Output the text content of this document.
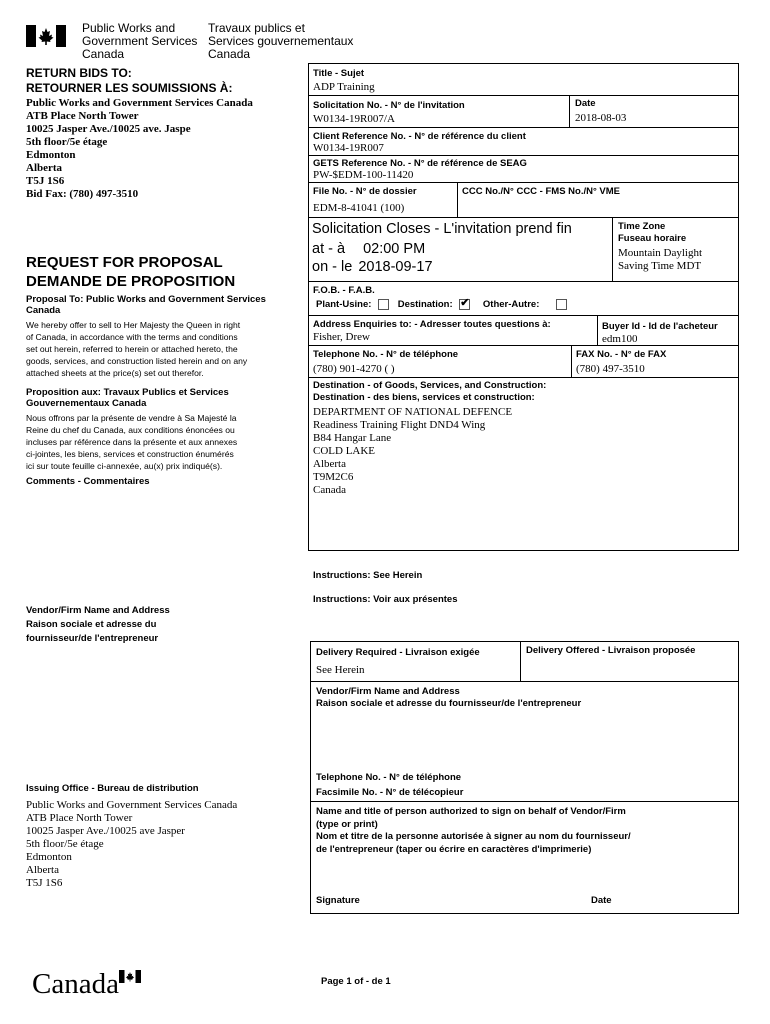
Public Works and
Government Services
Canada
Travaux publics et
Services gouvernementaux
Canada
RETURN BIDS TO:
RETOURNER LES SOUMISSIONS À:
Public Works and Government Services Canada
ATB Place North Tower
10025 Jasper Ave./10025 ave. Jaspe
5th floor/5e étage
Edmonton
Alberta
T5J 1S6
Bid Fax: (780) 497-3510
REQUEST FOR PROPOSAL
DEMANDE DE PROPOSITION
Proposal To: Public Works and Government Services Canada
We hereby offer to sell to Her Majesty the Queen in right
of Canada, in accordance with the terms and conditions
set out herein, referred to herein or attached hereto, the
goods, services, and construction listed herein and on any
attached sheets at the price(s) set out therefor.
Proposition aux: Travaux Publics et Services Gouvernementaux Canada
Nous offrons par la présente de vendre à Sa Majesté la
Reine du chef du Canada, aux conditions énoncées ou
incluses par référence dans la présente et aux annexes
ci-jointes, les biens, services et construction énumérés
ici sur toute feuille ci-annexée, au(x) prix indiqué(s).
Comments - Commentaires
Vendor/Firm Name and Address
Raison sociale et adresse du
fournisseur/de l'entrepreneur
Issuing Office - Bureau de distribution
Public Works and Government Services Canada
ATB Place North Tower
10025 Jasper Ave./10025 ave Jasper
5th floor/5e étage
Edmonton
Alberta
T5J 1S6
Title - Sujet
ADP Training
Solicitation No. - N° de l'invitation
W0134-19R007/A
Date
2018-08-03
Client Reference No. - N° de référence du client
W0134-19R007
GETS Reference No. - N° de référence de SEAG
PW-$EDM-100-11420
File No. - N° de dossier
EDM-8-41041 (100)
CCC No./N° CCC - FMS No./N° VME
Solicitation Closes - L'invitation prend fin
at - à 02:00 PM
on - le 2018-09-17
Time Zone
Fuseau horaire
Mountain Daylight
Saving Time MDT
F.O.B. - F.A.B.
Plant-Usine:	Destination: ✔ Other-Autre:
Address Enquiries to: - Adresser toutes questions à:
Fisher, Drew
Buyer Id - Id de l'acheteur
edm100
Telephone No. - N° de téléphone
(780) 901-4270 ( )
FAX No. - N° de FAX
(780) 497-3510
Destination - of Goods, Services, and Construction:
Destination - des biens, services et construction:
DEPARTMENT OF NATIONAL DEFENCE
Readiness Training Flight DND4 Wing
B84 Hangar Lane
COLD LAKE
Alberta
T9M2C6
Canada
Instructions: See Herein
Instructions: Voir aux présentes
Delivery Required - Livraison exigée
See Herein
Delivery Offered - Livraison proposée
Vendor/Firm Name and Address
Raison sociale et adresse du fournisseur/de l'entrepreneur
Telephone No. - N° de téléphone
Facsimile No. - N° de télécopieur
Name and title of person authorized to sign on behalf of Vendor/Firm
(type or print)
Nom et titre de la personne autorisée à signer au nom du fournisseur/
de l'entrepreneur (taper ou écrire en caractères d'imprimerie)
Signature	Date
Canada	Page 1 of - de 1
